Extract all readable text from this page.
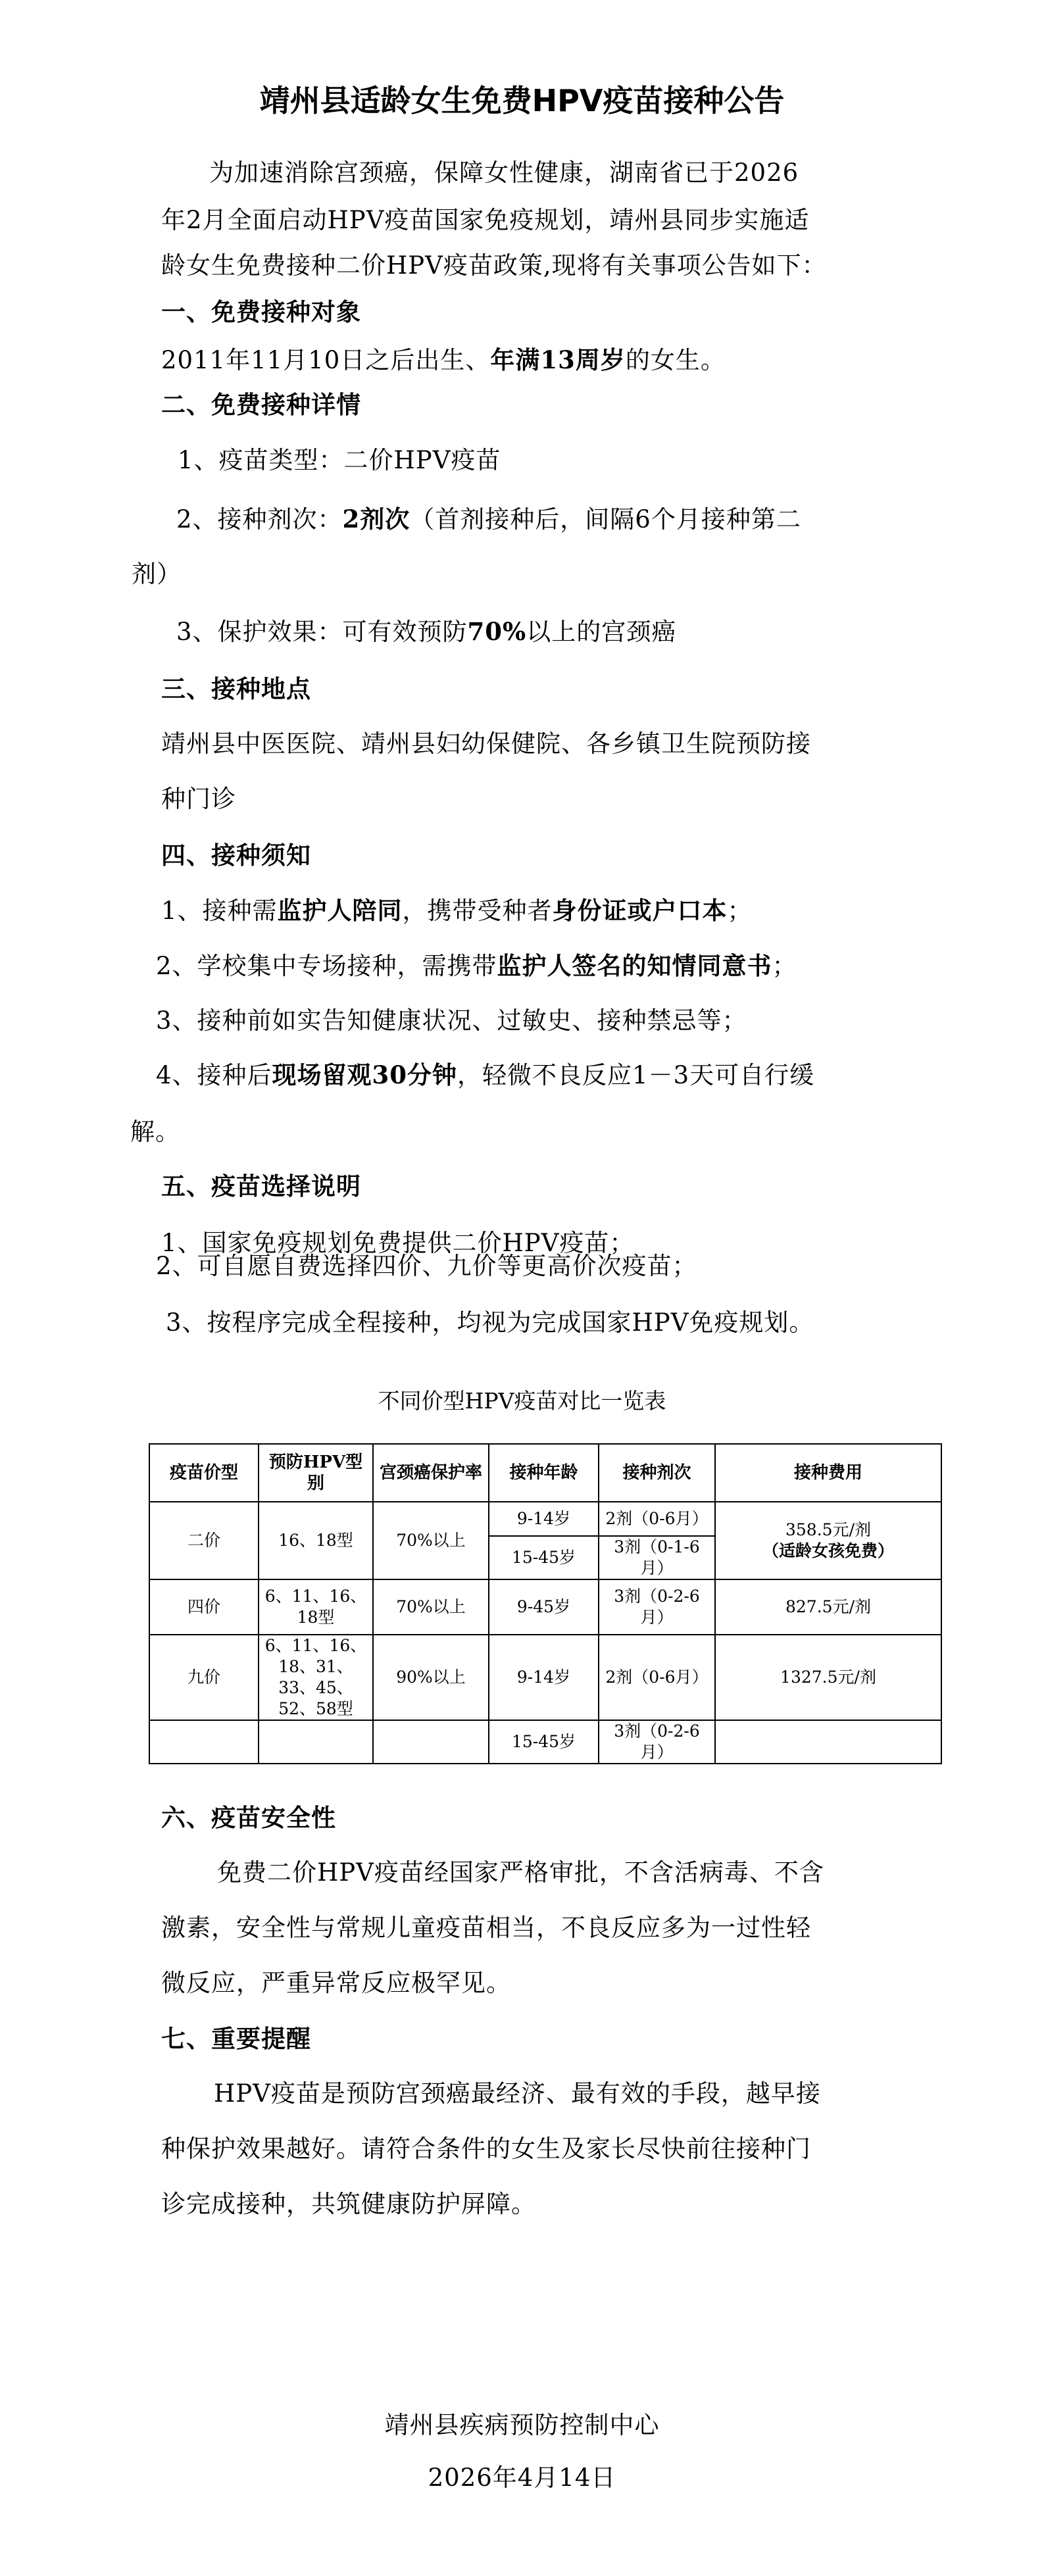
靖州县适龄女生免费HPV疫苗接种公告
为加速消除宫颈癌，保障女性健康，湖南省已于2026
年2月全面启动HPV疫苗国家免疫规划，靖州县同步实施适
龄女生免费接种二价HPV疫苗政策,现将有关事项公告如下：
一、免费接种对象
2011年11月10日之后出生、年满13周岁的女生。
二、免费接种详情
1、疫苗类型：二价HPV疫苗
2、接种剂次：2剂次（首剂接种后，间隔6个月接种第二
剂）
3、保护效果：可有效预防70%以上的宫颈癌
三、接种地点
靖州县中医医院、靖州县妇幼保健院、各乡镇卫生院预防接
种门诊
四、接种须知
1、接种需监护人陪同，携带受种者身份证或户口本；
2、学校集中专场接种，需携带监护人签名的知情同意书；
3、接种前如实告知健康状况、过敏史、接种禁忌等；
4、接种后现场留观30分钟，轻微不良反应1－3天可自行缓
解。
五、疫苗选择说明
1、国家免疫规划免费提供二价HPV疫苗；
2、可自愿自费选择四价、九价等更高价次疫苗；
3、按程序完成全程接种，均视为完成国家HPV免疫规划。
不同价型HPV疫苗对比一览表
疫苗价型	预防HPV型别	宫颈癌保护率	接种年龄	接种剂次	接种费用
二价	16、18型	70%以上	9-14岁	2剂（0-6月）	358.5元/剂
（适龄女孩免费）

			15-45岁	3剂（0-1-6月）	
四价	6、11、16、18型	70%以上	9-45岁	3剂（0-2-6月）	827.5元/剂
九价	6、11、16、18、31、33、45、52、58型	90%以上	9-14岁	2剂（0-6月）	1327.5元/剂
			15-45岁	3剂（0-2-6月）	
六、疫苗安全性
免费二价HPV疫苗经国家严格审批，不含活病毒、不含
激素，安全性与常规儿童疫苗相当，不良反应多为一过性轻
微反应，严重异常反应极罕见。
七、重要提醒
HPV疫苗是预防宫颈癌最经济、最有效的手段，越早接
种保护效果越好。请符合条件的女生及家长尽快前往接种门
诊完成接种，共筑健康防护屏障。
靖州县疾病预防控制中心
2026年4月14日
